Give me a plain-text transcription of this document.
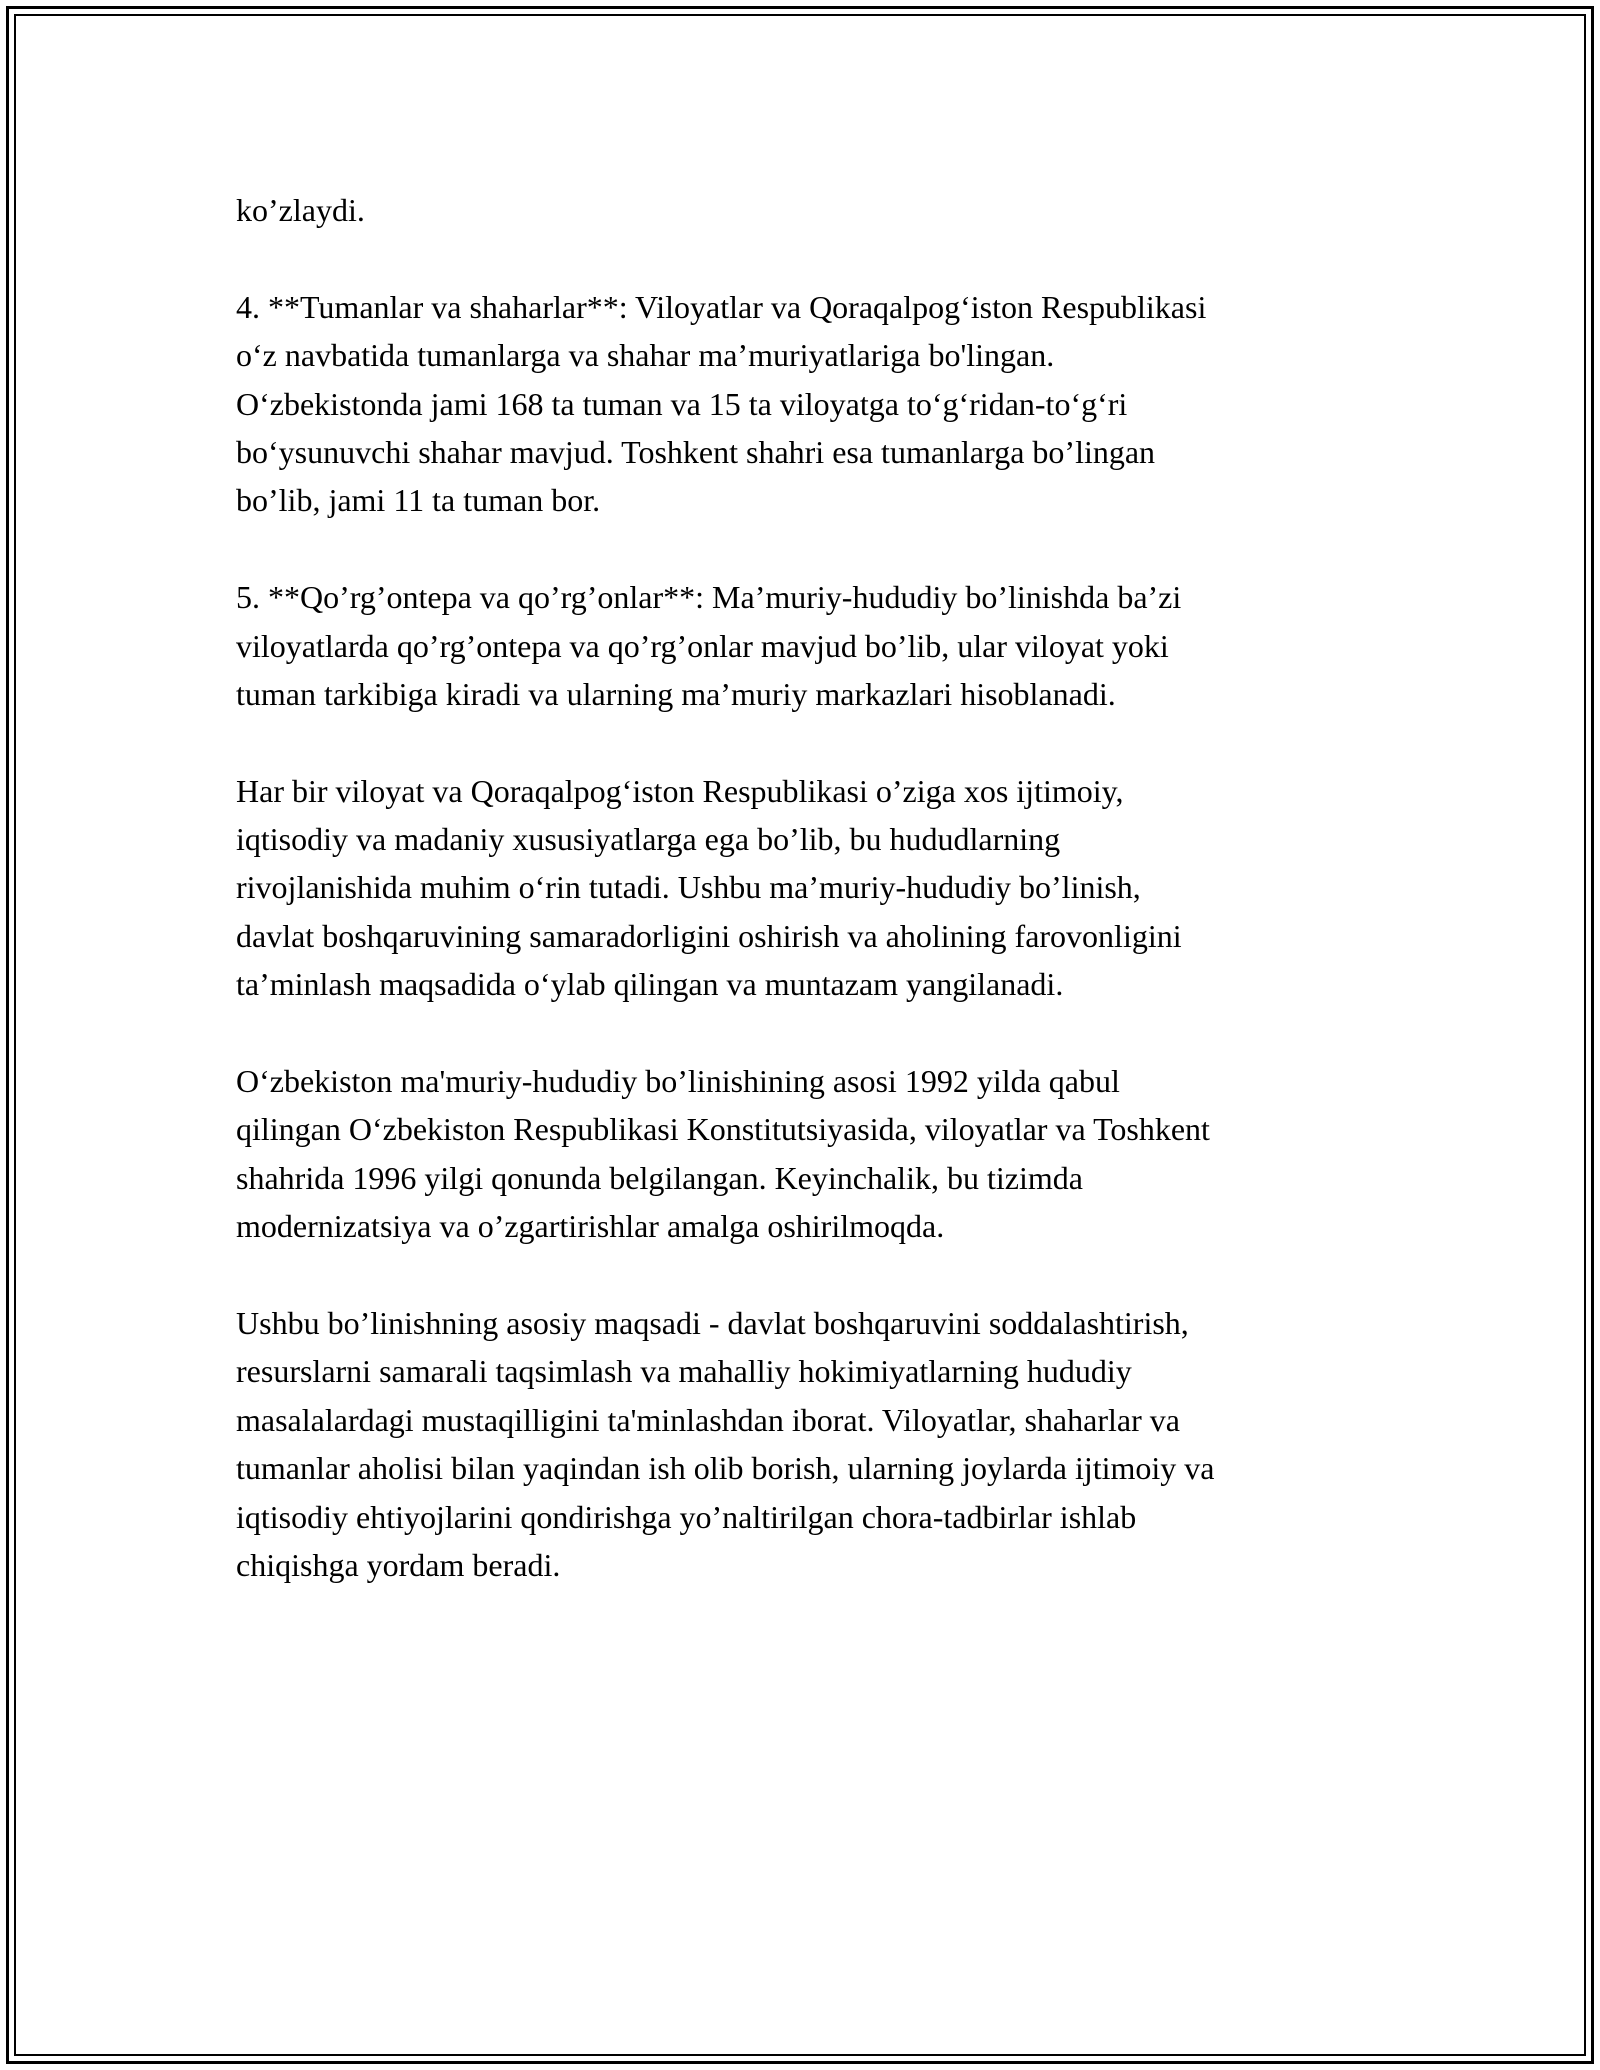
ko’zlaydi.

4. **Tumanlar va shaharlar**: Viloyatlar va Qoraqalpog‘iston Respublikasi
o‘z navbatida tumanlarga va shahar ma’muriyatlariga bo'lingan.
O‘zbekistonda jami 168 ta tuman va 15 ta viloyatga to‘g‘ridan-to‘g‘ri
bo‘ysunuvchi shahar mavjud. Toshkent shahri esa tumanlarga bo’lingan
bo’lib, jami 11 ta tuman bor.

5. **Qo’rg’ontepa va qo’rg’onlar**: Ma’muriy-hududiy bo’linishda ba’zi
viloyatlarda qo’rg’ontepa va qo’rg’onlar mavjud bo’lib, ular viloyat yoki
tuman tarkibiga kiradi va ularning ma’muriy markazlari hisoblanadi.

Har bir viloyat va Qoraqalpog‘iston Respublikasi o’ziga xos ijtimoiy,
iqtisodiy va madaniy xususiyatlarga ega bo’lib, bu hududlarning
rivojlanishida muhim o‘rin tutadi. Ushbu ma’muriy-hududiy bo’linish,
davlat boshqaruvining samaradorligini oshirish va aholining farovonligini
ta’minlash maqsadida o‘ylab qilingan va muntazam yangilanadi.

O‘zbekiston ma'muriy-hududiy bo’linishining asosi 1992 yilda qabul
qilingan O‘zbekiston Respublikasi Konstitutsiyasida, viloyatlar va Toshkent
shahrida 1996 yilgi qonunda belgilangan. Keyinchalik, bu tizimda
modernizatsiya va o’zgartirishlar amalga oshirilmoqda.

Ushbu bo’linishning asosiy maqsadi - davlat boshqaruvini soddalashtirish,
resurslarni samarali taqsimlash va mahalliy hokimiyatlarning hududiy
masalalardagi mustaqilligini ta'minlashdan iborat. Viloyatlar, shaharlar va
tumanlar aholisi bilan yaqindan ish olib borish, ularning joylarda ijtimoiy va
iqtisodiy ehtiyojlarini qondirishga yo’naltirilgan chora-tadbirlar ishlab
chiqishga yordam beradi.
